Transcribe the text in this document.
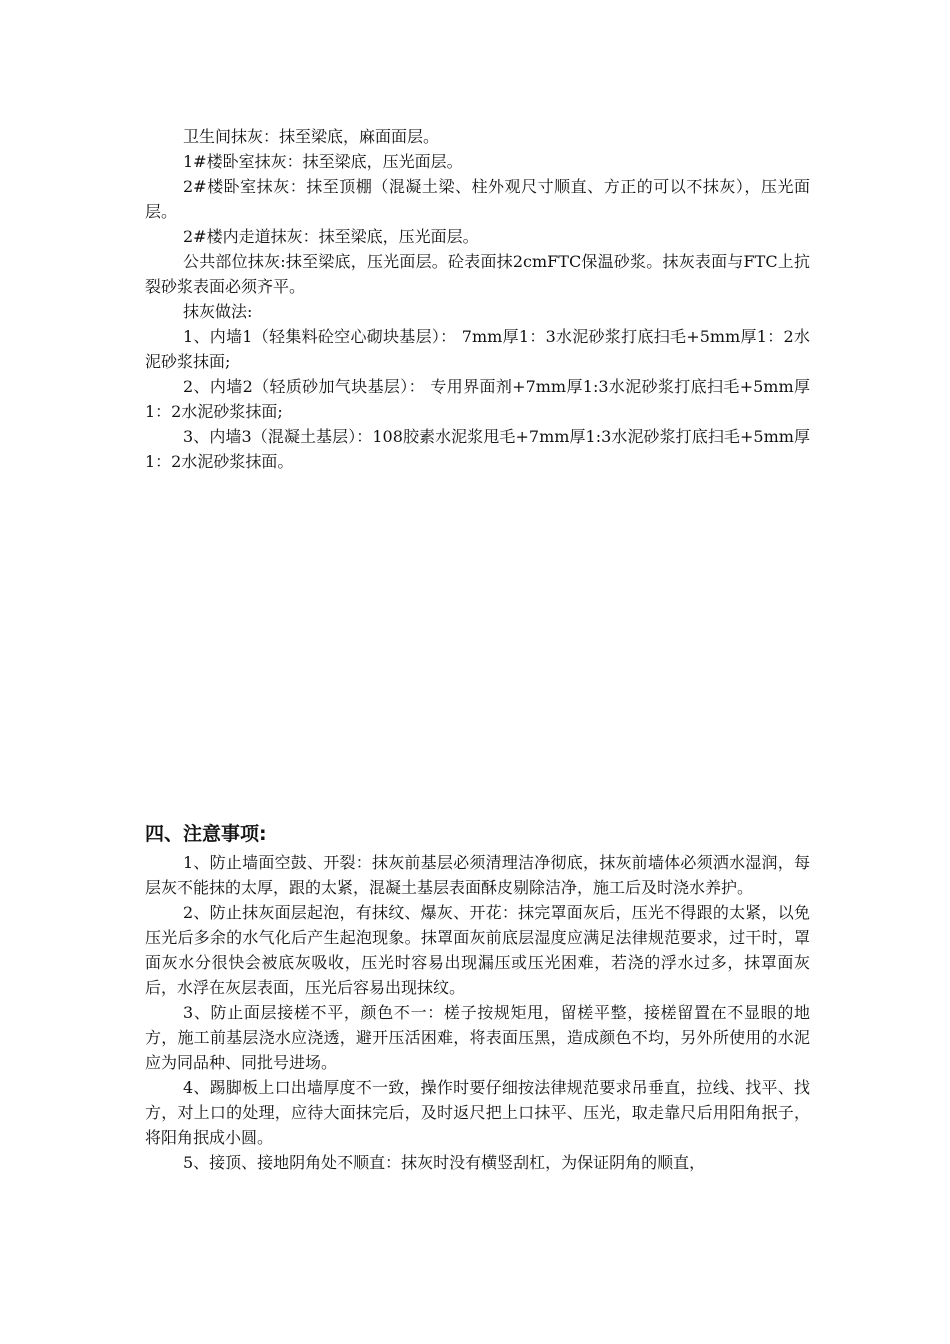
卫生间抹灰：抹至梁底，麻面面层。

1#楼卧室抹灰：抹至梁底，压光面层。

2#楼卧室抹灰：抹至顶棚（混凝土梁、柱外观尺寸顺直、方正的可以不抹灰），压光面层。

2#楼内走道抹灰：抹至梁底，压光面层。

公共部位抹灰:抹至梁底，压光面层。砼表面抹2cmFTC保温砂浆。抹灰表面与FTC上抗裂砂浆表面必须齐平。

抹灰做法:

1、内墙1（轻集料砼空心砌块基层）： 7mm厚1：3水泥砂浆打底扫毛+5mm厚1：2水泥砂浆抹面;

2、内墙2（轻质砂加气块基层）： 专用界面剂+7mm厚1:3水泥砂浆打底扫毛+5mm厚1：2水泥砂浆抹面;

3、内墙3（混凝土基层）：108胶素水泥浆甩毛+7mm厚1:3水泥砂浆打底扫毛+5mm厚1：2水泥砂浆抹面。

四、注意事项:

1、防止墙面空鼓、开裂：抹灰前基层必须清理洁净彻底，抹灰前墙体必须洒水湿润，每层灰不能抹的太厚，跟的太紧，混凝土基层表面酥皮剔除洁净，施工后及时浇水养护。

2、防止抹灰面层起泡，有抹纹、爆灰、开花：抹完罩面灰后，压光不得跟的太紧，以免压光后多余的水气化后产生起泡现象。抹罩面灰前底层湿度应满足法律规范要求，过干时，罩面灰水分很快会被底灰吸收，压光时容易出现漏压或压光困难，若浇的浮水过多，抹罩面灰后，水浮在灰层表面，压光后容易出现抹纹。

3、防止面层接槎不平，颜色不一：槎子按规矩甩，留槎平整，接槎留置在不显眼的地方，施工前基层浇水应浇透，避开压活困难，将表面压黑，造成颜色不均，另外所使用的水泥应为同品种、同批号进场。

4、踢脚板上口出墙厚度不一致，操作时要仔细按法律规范要求吊垂直，拉线、找平、找方，对上口的处理，应待大面抹完后，及时返尺把上口抹平、压光，取走靠尺后用阳角抿子，将阳角抿成小圆。

5、接顶、接地阴角处不顺直：抹灰时没有横竖刮杠，为保证阴角的顺直，
